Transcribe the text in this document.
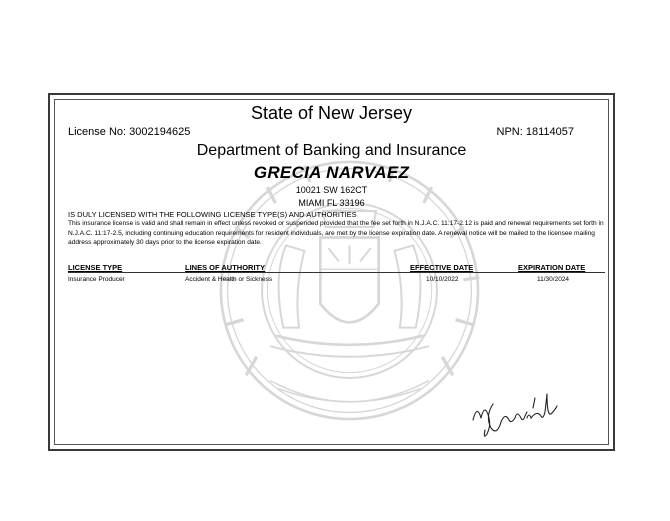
State of New Jersey
License No: 3002194625	NPN: 18114057
Department of Banking and Insurance
GRECIA NARVAEZ
10021 SW 162CT
MIAMI FL 33196
IS DULY LICENSED WITH THE FOLLOWING LICENSE TYPE(S) AND AUTHORITIES
This insurance license is valid and shall remain in effect unless revoked or suspended provided that the fee set forth in N.J.A.C. 11:17-2.12 is paid and renewal requirements set forth in N.J.A.C. 11:17-2.5, including continuing education requirements for resident individuals, are met by the license expiration date. A renewal notice will be mailed to the licensee mailing address approximately 30 days prior to the license expiration date.
LICENSE TYPE	LINES OF AUTHORITY	EFFECTIVE DATE	EXPIRATION DATE
Insurance Producer	Accident & Health or Sickness	10/10/2022	11/30/2024
